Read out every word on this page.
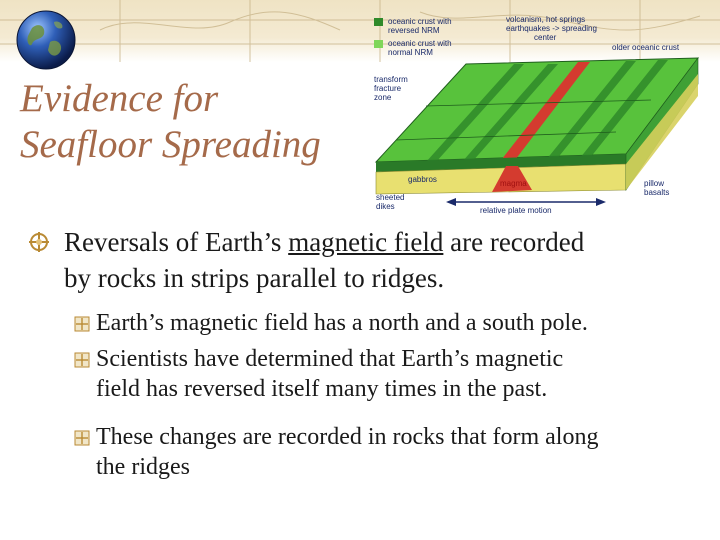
Evidence for
Seafloor Spreading
oceanic crust with
reversed NRM
oceanic crust with
normal NRM
volcanism, hot springs
earthquakes -> spreading
center
older oceanic crust
transform
fracture
zone
gabbros	magma	pillow
basalts
sheeted
dikes	relative plate motion
Reversals of Earth’s magnetic field are recorded
by rocks in strips parallel to ridges.
Earth’s magnetic field has a north and a south pole.
Scientists have determined that Earth’s magnetic
field has reversed itself many times in the past.
These changes are recorded in rocks that form along
the ridges
